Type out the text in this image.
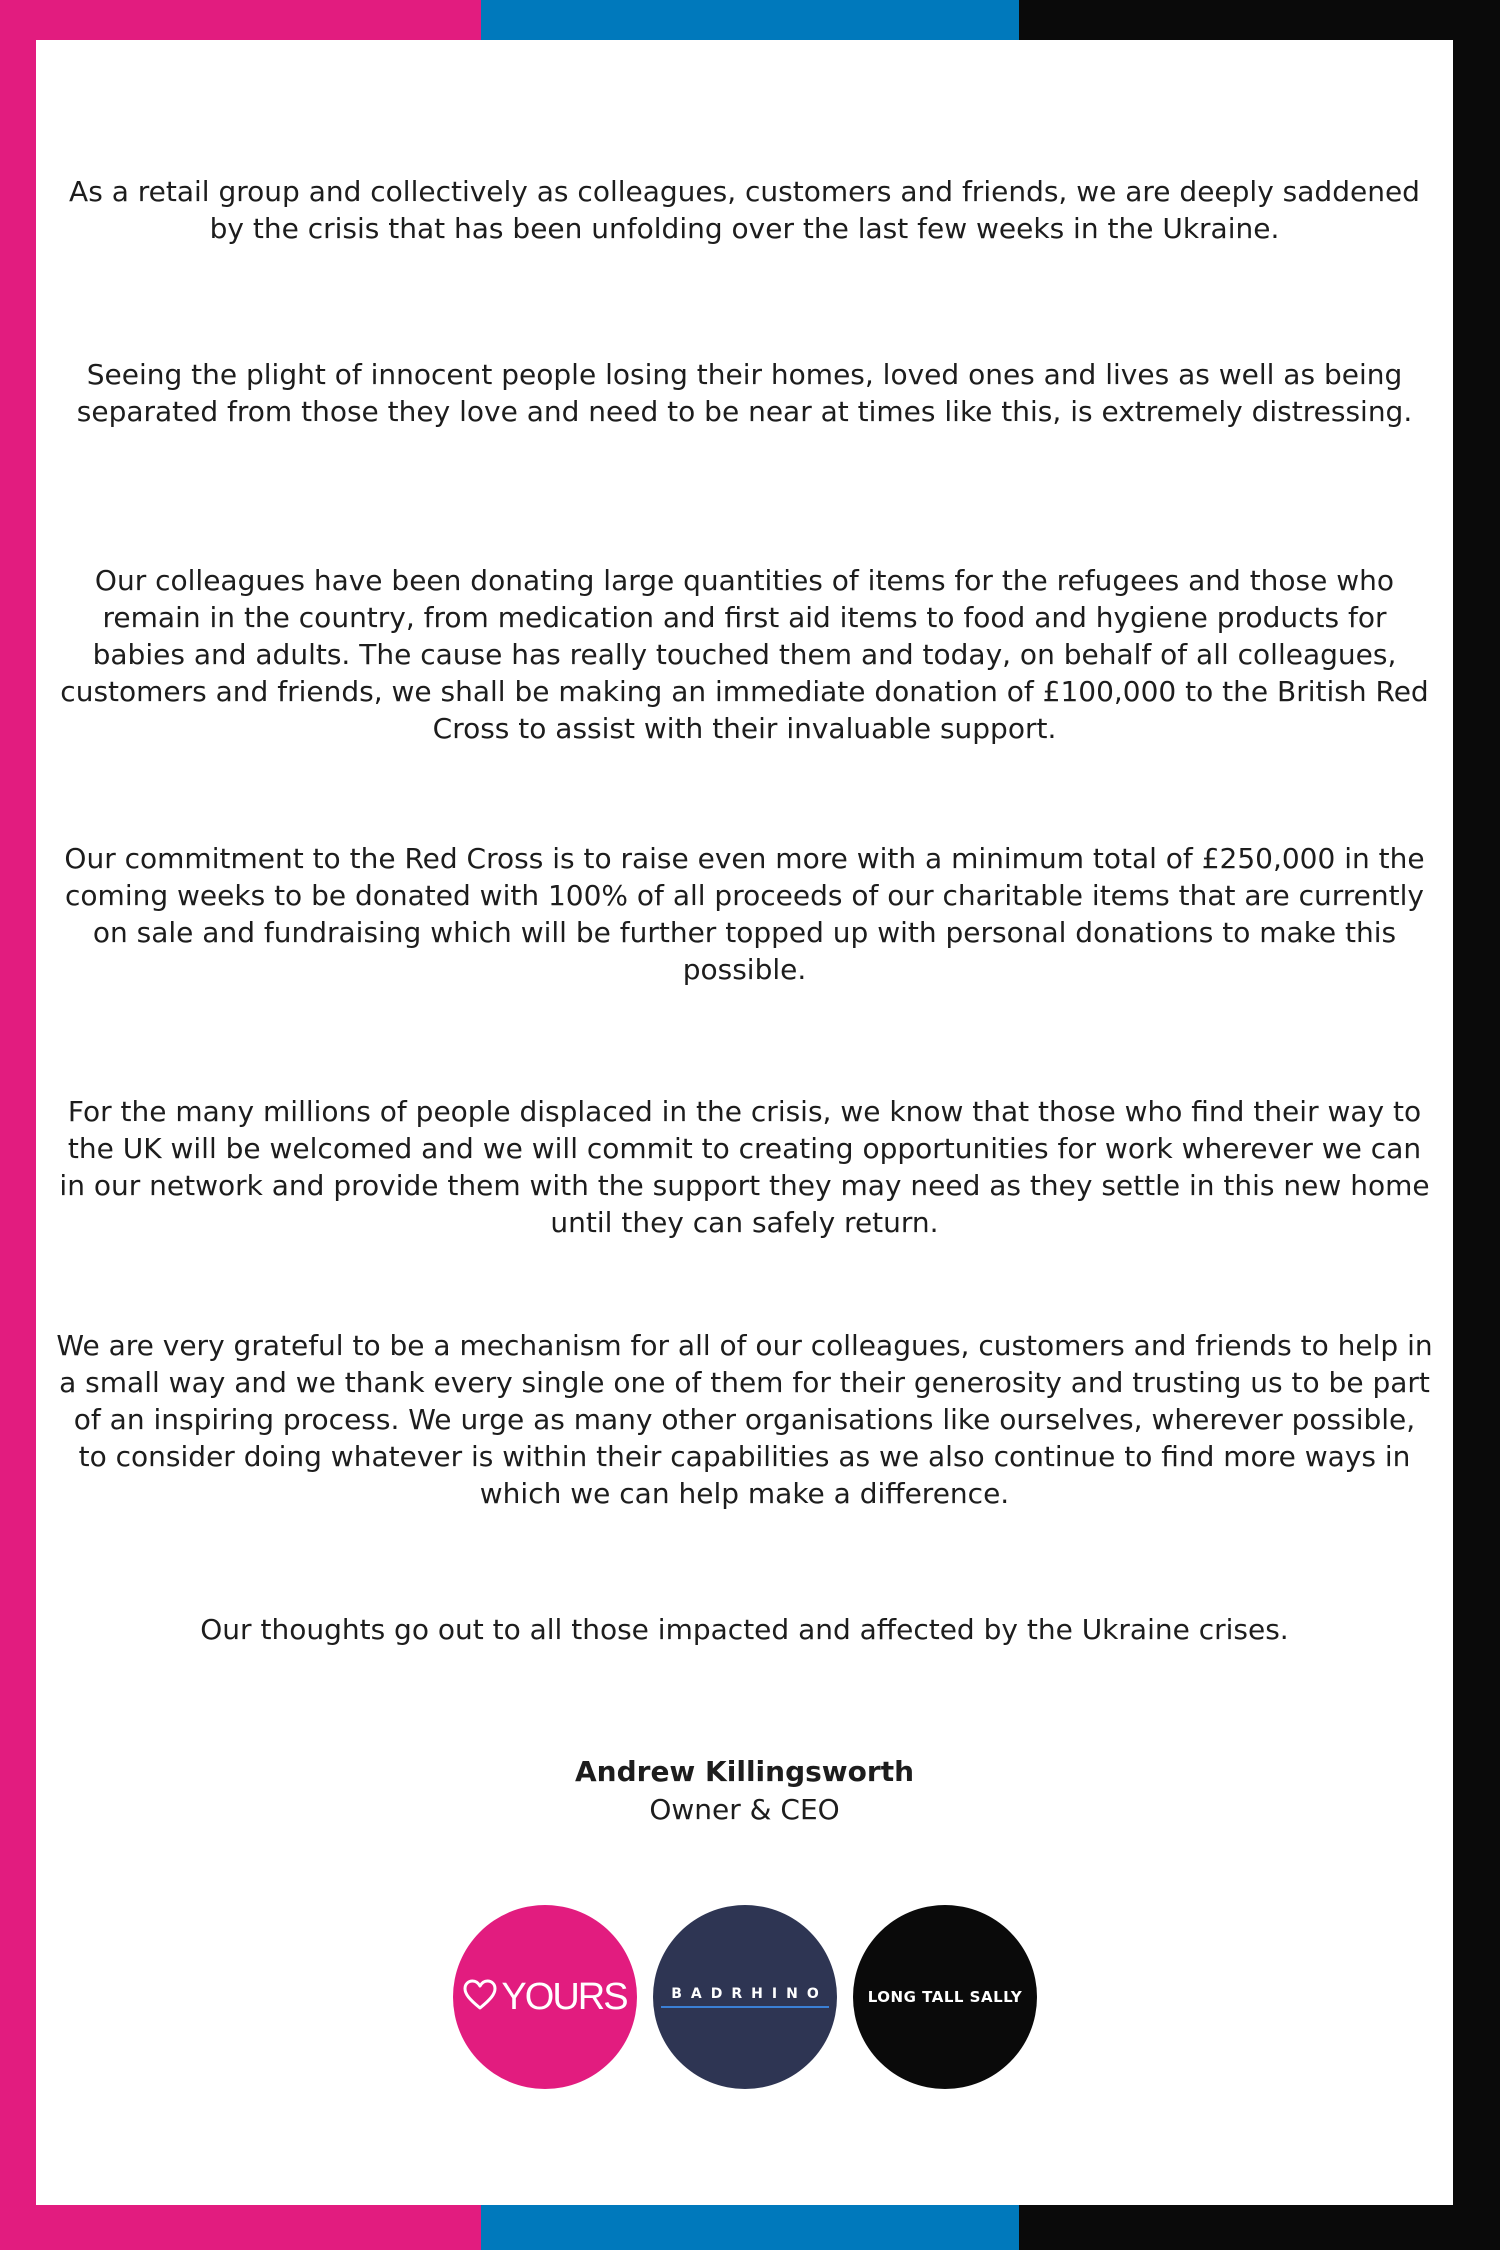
As a retail group and collectively as colleagues, customers and friends, we are deeply saddened by the crisis that has been unfolding over the last few weeks in the Ukraine.

Seeing the plight of innocent people losing their homes, loved ones and lives as well as being separated from those they love and need to be near at times like this, is extremely distressing.

Our colleagues have been donating large quantities of items for the refugees and those who remain in the country, from medication and first aid items to food and hygiene products for babies and adults. The cause has really touched them and today, on behalf of all colleagues, customers and friends, we shall be making an immediate donation of £100,000 to the British Red Cross to assist with their invaluable support.

Our commitment to the Red Cross is to raise even more with a minimum total of £250,000 in the coming weeks to be donated with 100% of all proceeds of our charitable items that are currently on sale and fundraising which will be further topped up with personal donations to make this possible.

For the many millions of people displaced in the crisis, we know that those who find their way to the UK will be welcomed and we will commit to creating opportunities for work wherever we can in our network and provide them with the support they may need as they settle in this new home until they can safely return.

We are very grateful to be a mechanism for all of our colleagues, customers and friends to help in a small way and we thank every single one of them for their generosity and trusting us to be part of an inspiring process. We urge as many other organisations like ourselves, wherever possible, to consider doing whatever is within their capabilities as we also continue to find more ways in which we can help make a difference.

Our thoughts go out to all those impacted and affected by the Ukraine crises.

Andrew Killingsworth

Owner & CEO

YOURS	BADRHINO	LONG TALL SALLY
